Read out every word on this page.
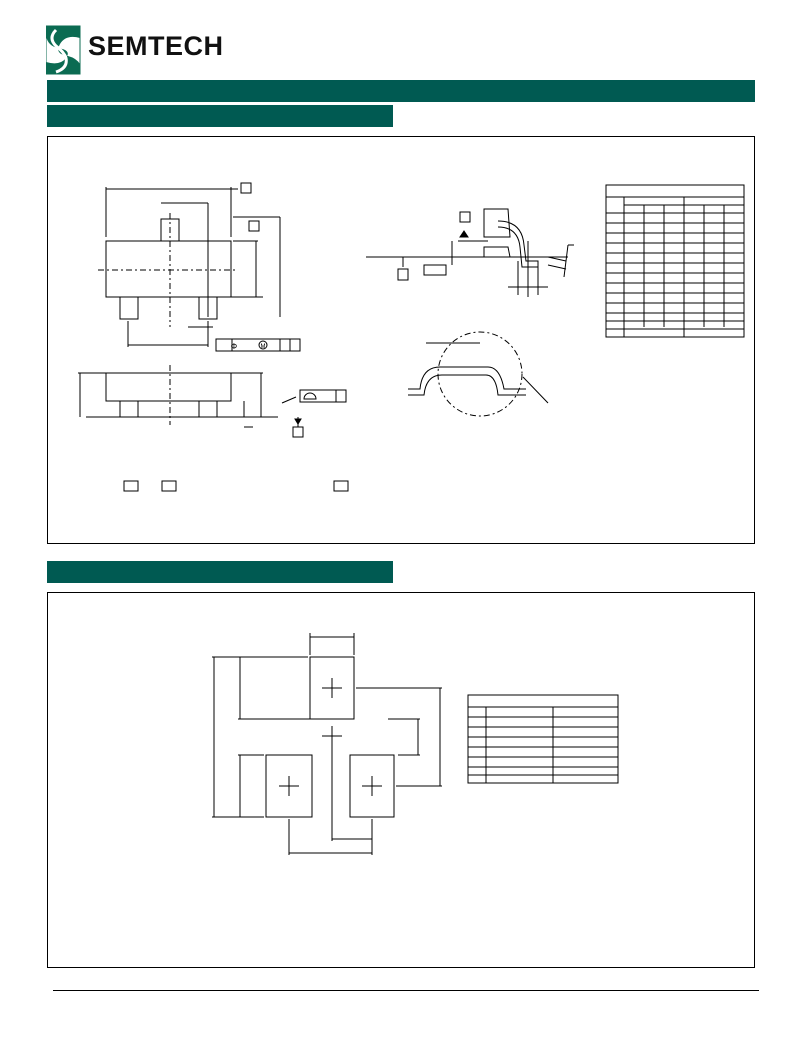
SEMTECH
Φ	M
